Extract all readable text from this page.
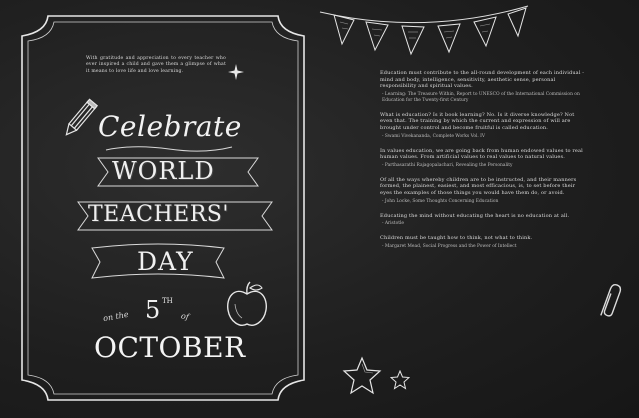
With gratitude and appreciation to every teacher who ever inspired a child and gave them a glimpse of what it means to love life and love learning.
Celebrate
WORLD
TEACHERS'
DAY
on the 5 TH
of
OCTOBER
Education must contribute to the all-round development of each individual - mind and body, intelligence, sensitivity, aesthetic sense, personal responsibility and spiritual values.
- Learning: The Treasure Within, Report to UNESCO of the International Commission on Education for the Twenty-first Century
What is education? Is it book learning? No. Is it diverse knowledge? Not even that. The training by which the current and expression of will are brought under control and become fruitful is called education.
- Swami Vivekananda, Complete Works Vol. IV
In values education, we are going back from human endowed values to real human values. From artificial values to real values to natural values.
- Parthasarathi Rajagopalachari, Revealing the Personality
Of all the ways whereby children are to be instructed, and their manners formed, the plainest, easiest, and most efficacious, is, to set before their eyes the examples of those things you would have them do, or avoid.
- John Locke, Some Thoughts Concerning Education
Educating the mind without educating the heart is no education at all.
- Aristotle
Children must be taught how to think, not what to think.
- Margaret Mead, Social Progress and the Power of Intellect
